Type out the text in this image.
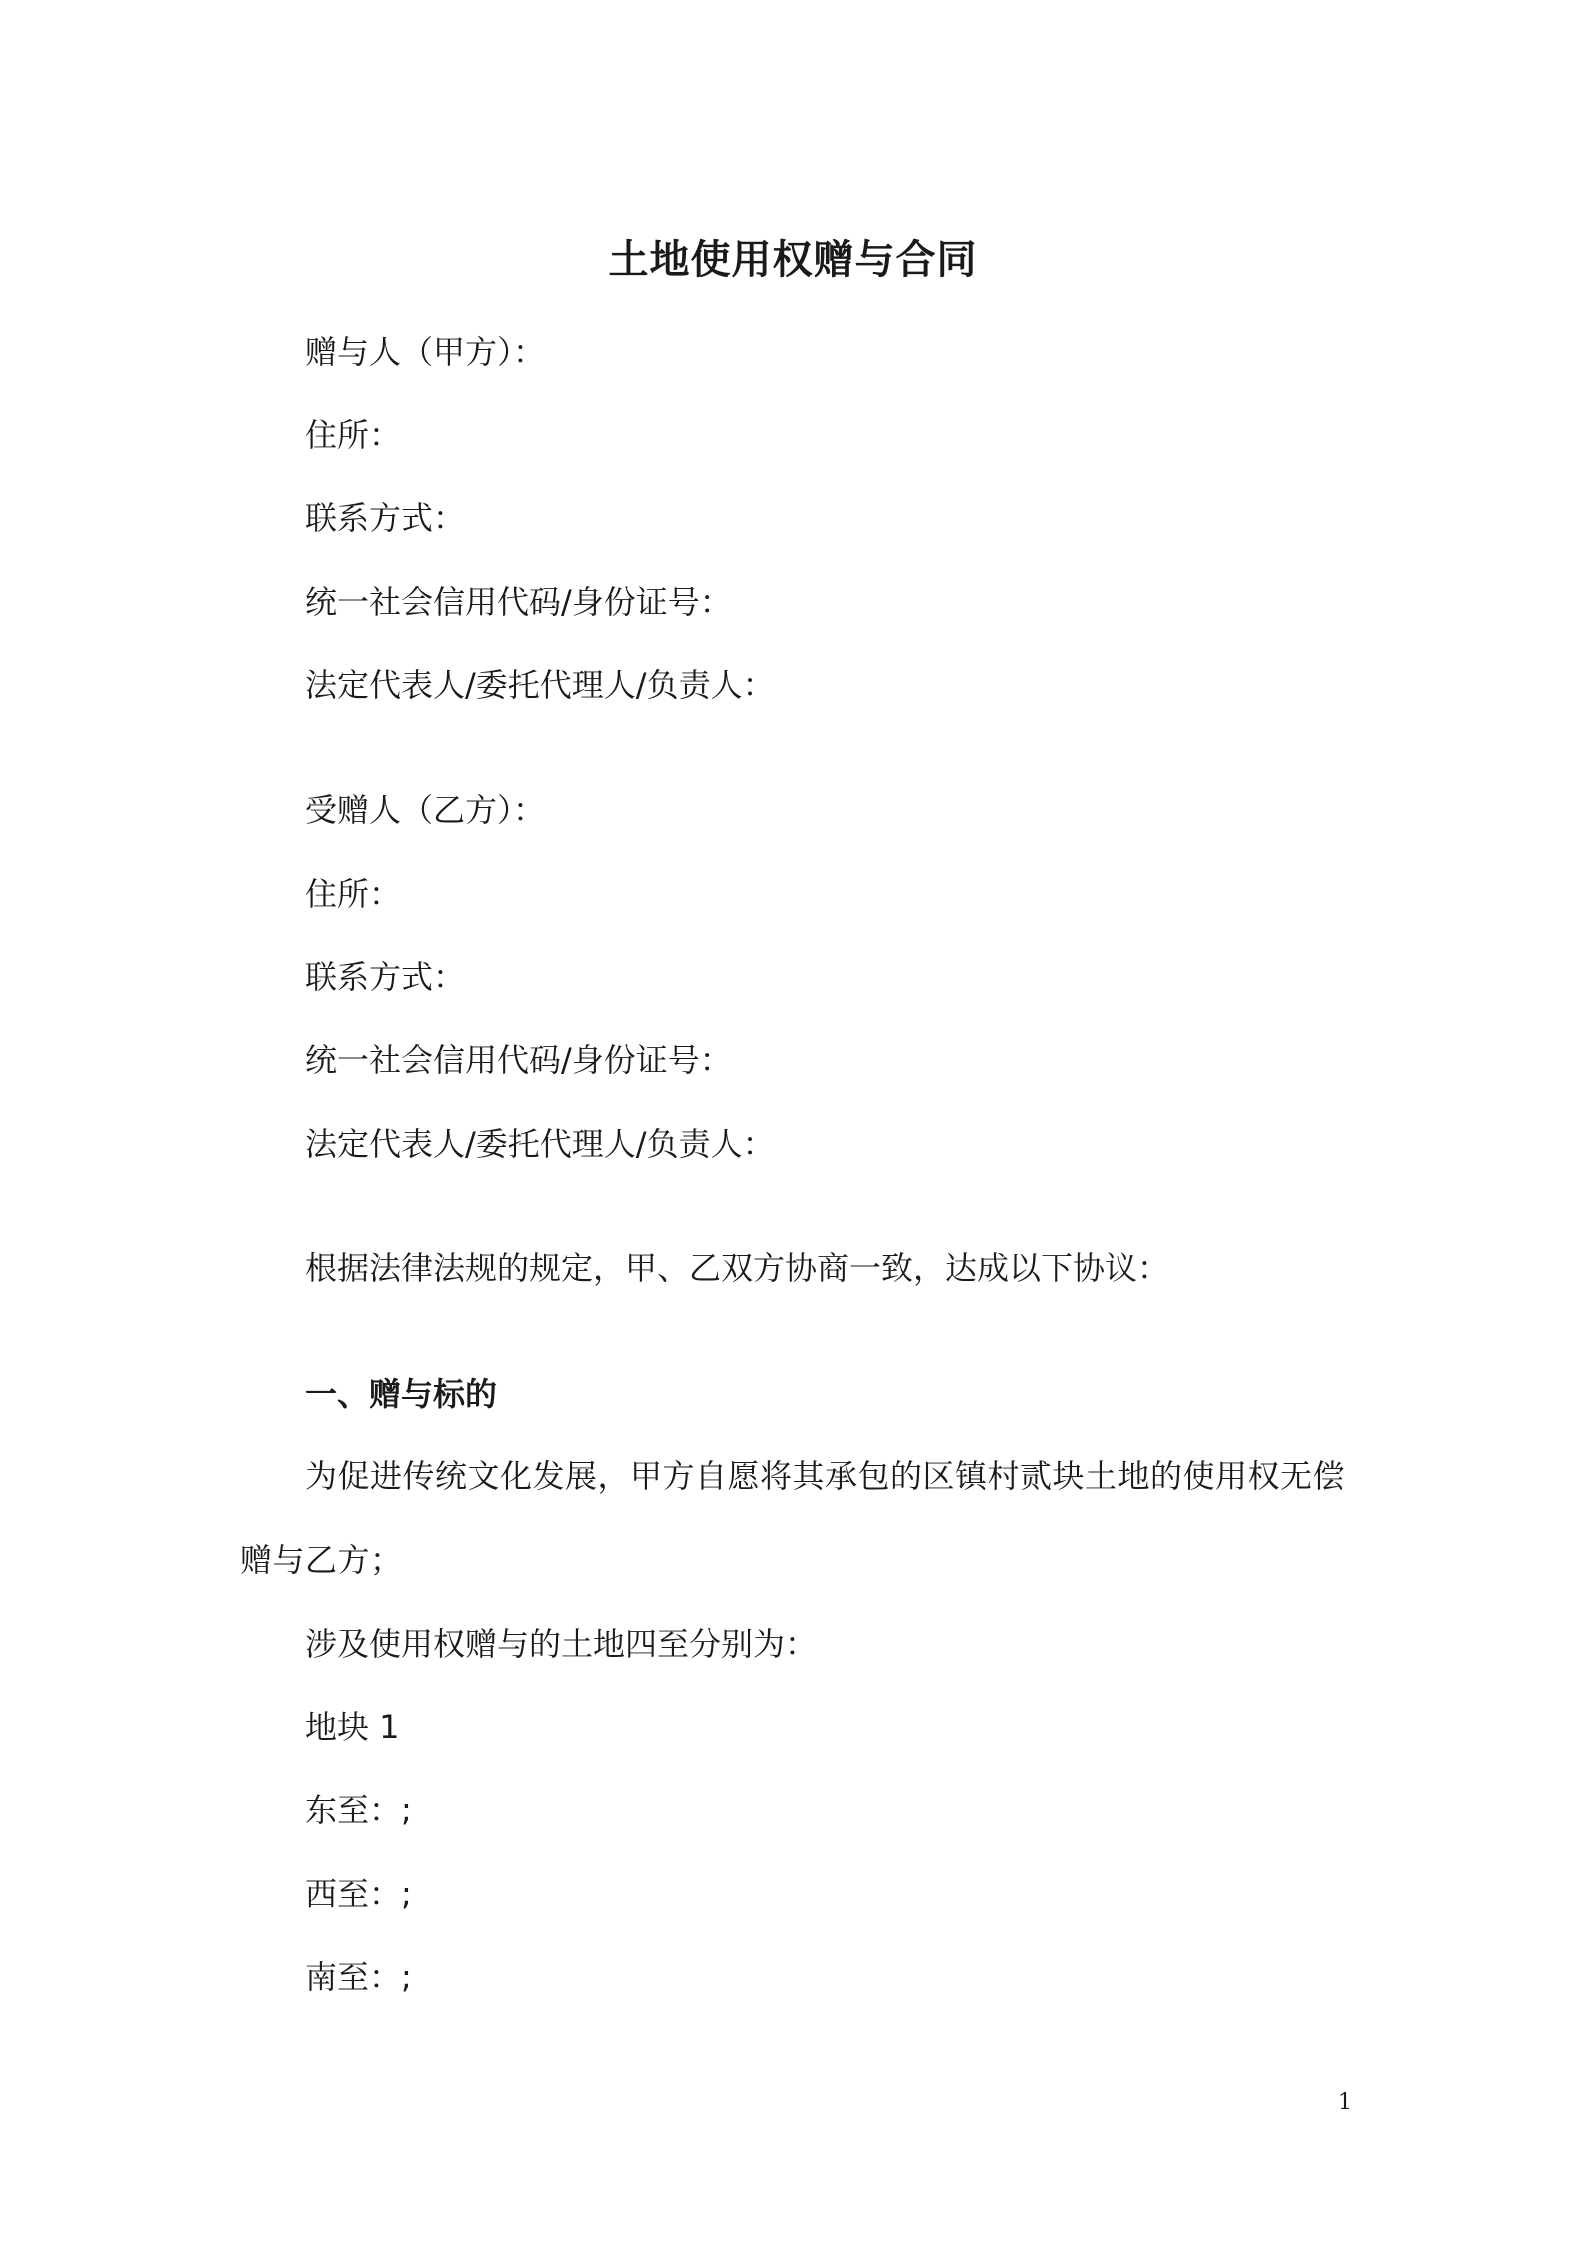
土地使用权赠与合同
赠与人（甲方）：
住所：
联系方式：
统一社会信用代码/身份证号：
法定代表人/委托代理人/负责人：
受赠人（乙方）：
住所：
联系方式：
统一社会信用代码/身份证号：
法定代表人/委托代理人/负责人：
根据法律法规的规定，甲、乙双方协商一致，达成以下协议：
一、赠与标的
为促进传统文化发展，甲方自愿将其承包的区镇村贰块土地的使用权无偿赠与乙方；
涉及使用权赠与的土地四至分别为：
地块 1
东至：;
西至：;
南至：;
1
